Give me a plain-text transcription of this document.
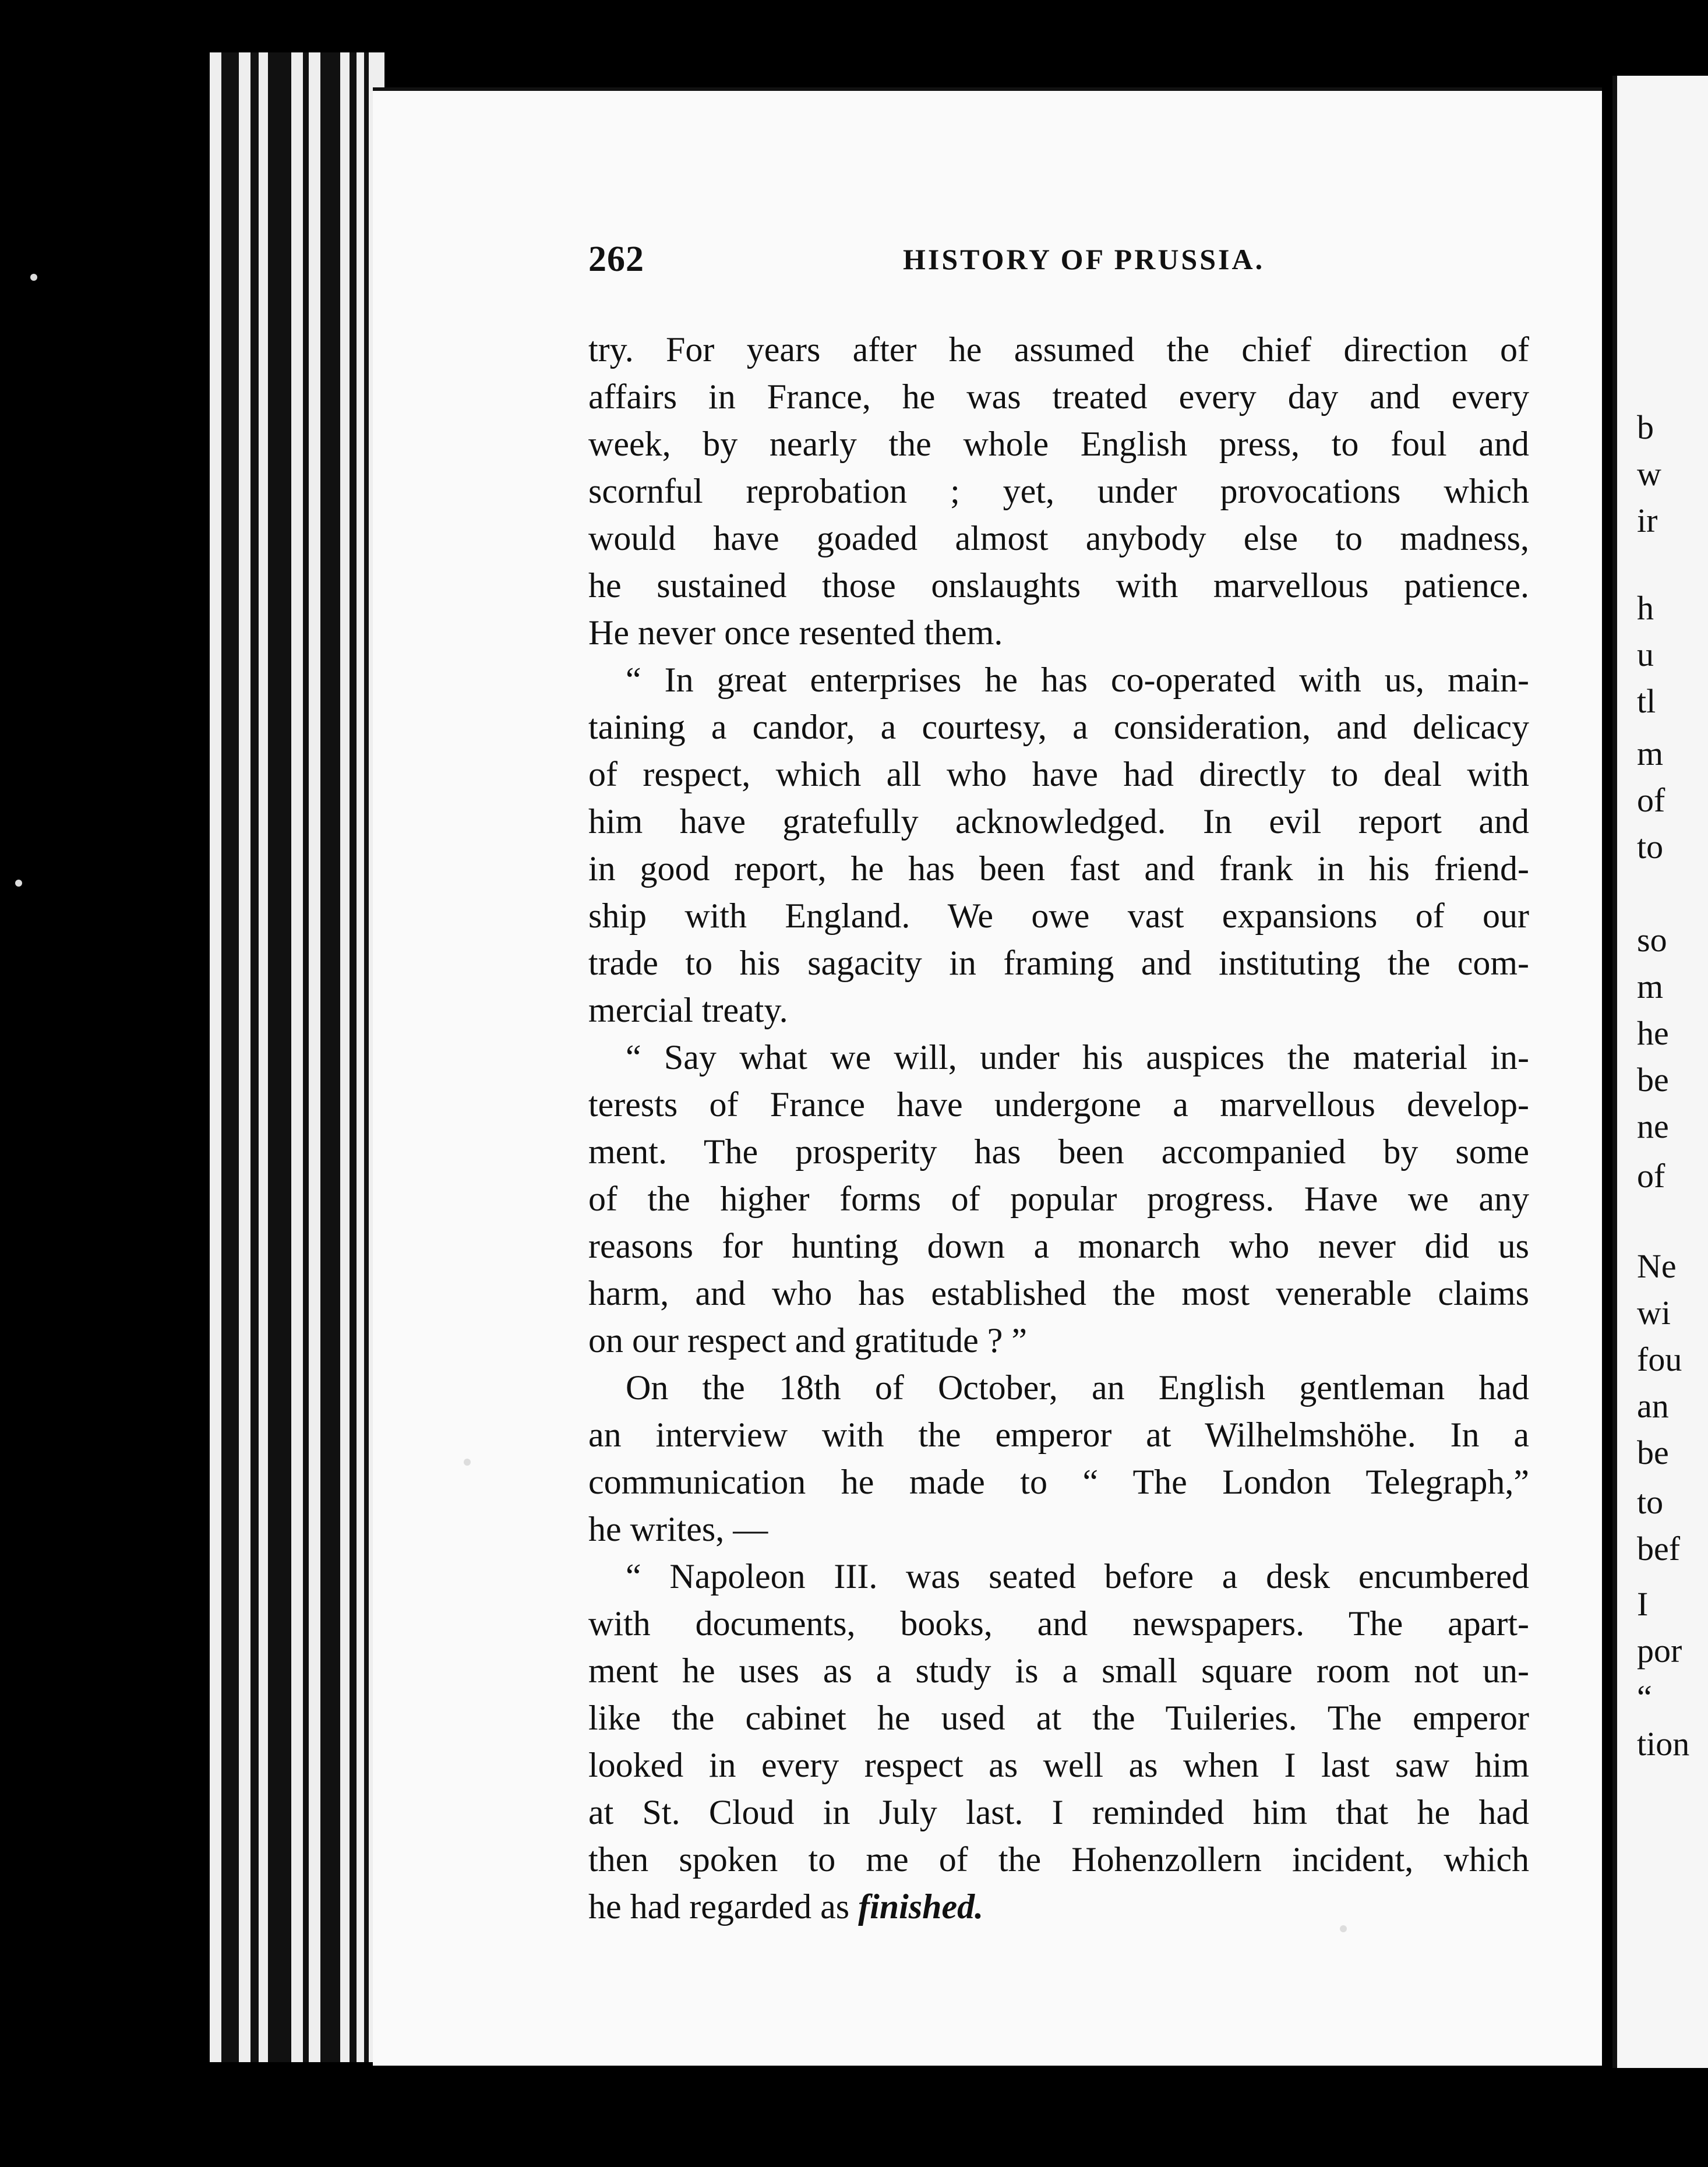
262	HISTORY OF PRUSSIA.
try. For years after he assumed the chief direction of
affairs in France, he was treated every day and every
week, by nearly the whole English press, to foul and
scornful reprobation ; yet, under provocations which
would have goaded almost anybody else to madness,
he sustained those onslaughts with marvellous patience.
He never once resented them.
“ In great enterprises he has co-operated with us, main-
taining a candor, a courtesy, a consideration, and delicacy
of respect, which all who have had directly to deal with
him have gratefully acknowledged. In evil report and
in good report, he has been fast and frank in his friend-
ship with England. We owe vast expansions of our
trade to his sagacity in framing and instituting the com-
mercial treaty.
“ Say what we will, under his auspices the material in-
terests of France have undergone a marvellous develop-
ment. The prosperity has been accompanied by some
of the higher forms of popular progress. Have we any
reasons for hunting down a monarch who never did us
harm, and who has established the most venerable claims
on our respect and gratitude ? ”
On the 18th of October, an English gentleman had
an interview with the emperor at Wilhelmshöhe. In a
communication he made to “ The London Telegraph,”
he writes, —
“ Napoleon III. was seated before a desk encumbered
with documents, books, and newspapers. The apart-
ment he uses as a study is a small square room not un-
like the cabinet he used at the Tuileries. The emperor
looked in every respect as well as when I last saw him
at St. Cloud in July last. I reminded him that he had
then spoken to me of the Hohenzollern incident, which
he had regarded as finished.
b
w
ir
h
u
tl
m
of
to
so
m
he
be
ne
of
Ne
wi
fou
an
be
to
bef
I
por
“
tion
